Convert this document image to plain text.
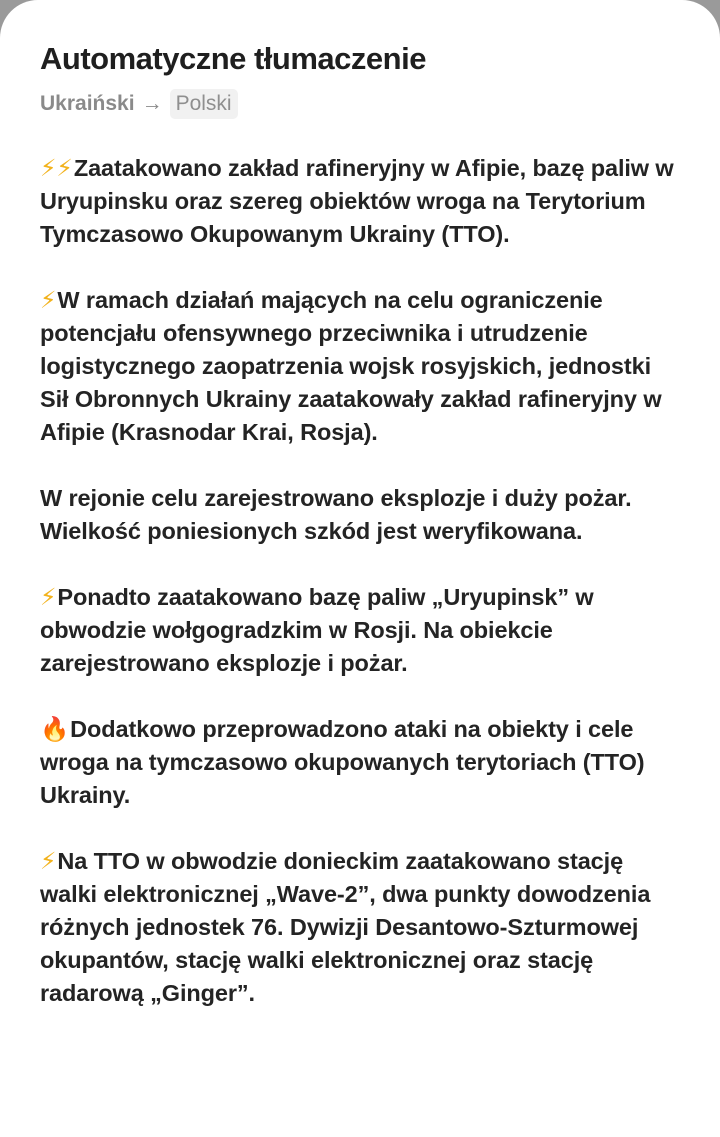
Automatyczne tłumaczenie
Ukraiński → Polski

⚡⚡Zaatakowano zakład rafineryjny w Afipie, bazę paliw w Uryupinsku oraz szereg obiektów wroga na Terytorium Tymczasowo Okupowanym Ukrainy (TTO).

⚡W ramach działań mających na celu ograniczenie potencjału ofensywnego przeciwnika i utrudzenie logistycznego zaopatrzenia wojsk rosyjskich, jednostki Sił Obronnych Ukrainy zaatakowały zakład rafineryjny w Afipie (Krasnodar Krai, Rosja).

W rejonie celu zarejestrowano eksplozje i duży pożar. Wielkość poniesionych szkód jest weryfikowana.

⚡Ponadto zaatakowano bazę paliw „Uryupinsk” w obwodzie wołgogradzkim w Rosji. Na obiekcie zarejestrowano eksplozje i pożar.

🔥Dodatkowo przeprowadzono ataki na obiekty i cele wroga na tymczasowo okupowanych terytoriach (TTO) Ukrainy.

⚡Na TTO w obwodzie donieckim zaatakowano stację walki elektronicznej „Wave-2”, dwa punkty dowodzenia różnych jednostek 76. Dywizji Desantowo-Szturmowej okupantów, stację walki elektronicznej oraz stację radarową „Ginger”.
